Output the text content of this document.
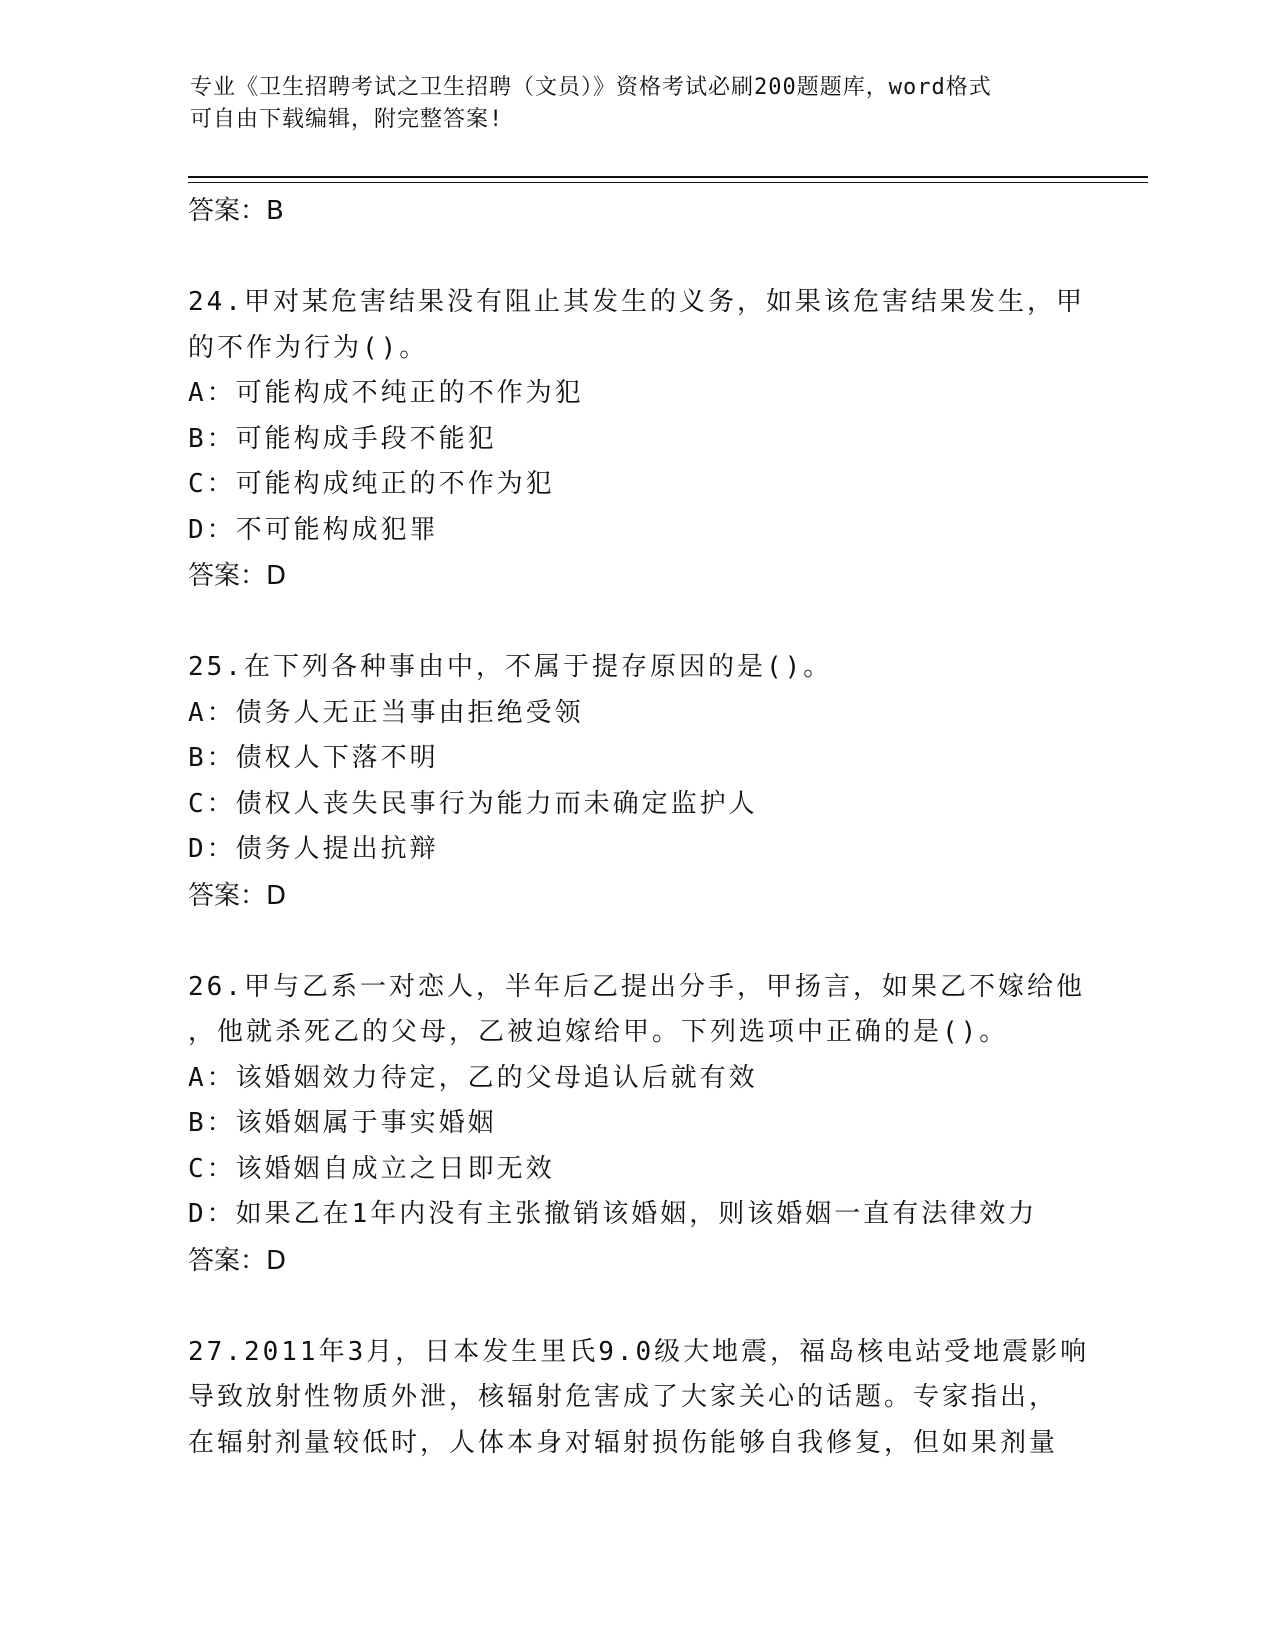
专业《卫生招聘考试之卫生招聘（文员）》资格考试必刷200题题库，word格式
可自由下载编辑，附完整答案!
答案：B
24.甲对某危害结果没有阻止其发生的义务，如果该危害结果发生，甲
的不作为行为()。
A：可能构成不纯正的不作为犯
B：可能构成手段不能犯
C：可能构成纯正的不作为犯
D：不可能构成犯罪
答案：D
25.在下列各种事由中，不属于提存原因的是()。
A：债务人无正当事由拒绝受领
B：债权人下落不明
C：债权人丧失民事行为能力而未确定监护人
D：债务人提出抗辩
答案：D
26.甲与乙系一对恋人，半年后乙提出分手，甲扬言，如果乙不嫁给他
，他就杀死乙的父母，乙被迫嫁给甲。下列选项中正确的是()。
A：该婚姻效力待定，乙的父母追认后就有效
B：该婚姻属于事实婚姻
C：该婚姻自成立之日即无效
D：如果乙在1年内没有主张撤销该婚姻，则该婚姻一直有法律效力
答案：D
27.2011年3月，日本发生里氏9.0级大地震，福岛核电站受地震影响
导致放射性物质外泄，核辐射危害成了大家关心的话题。专家指出，
在辐射剂量较低时，人体本身对辐射损伤能够自我修复，但如果剂量
